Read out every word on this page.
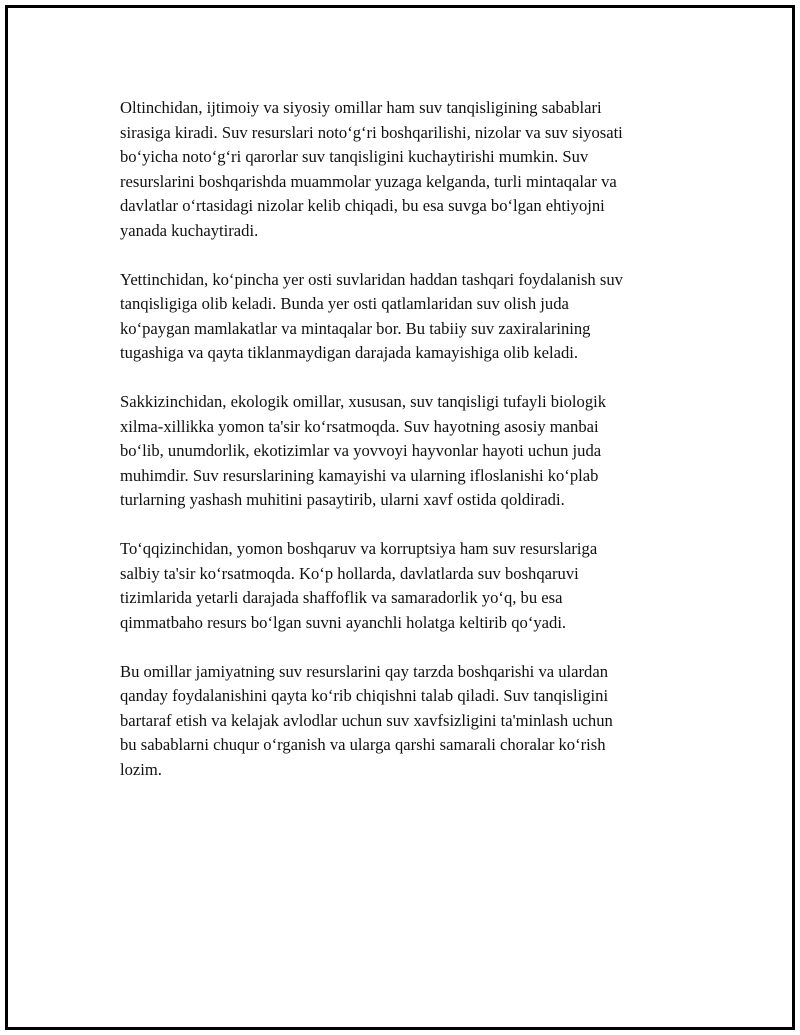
Oltinchidan, ijtimoiy va siyosiy omillar ham suv tanqisligining sabablari
sirasiga kiradi. Suv resurslari noto‘g‘ri boshqarilishi, nizolar va suv siyosati
bo‘yicha noto‘g‘ri qarorlar suv tanqisligini kuchaytirishi mumkin. Suv
resurslarini boshqarishda muammolar yuzaga kelganda, turli mintaqalar va
davlatlar o‘rtasidagi nizolar kelib chiqadi, bu esa suvga bo‘lgan ehtiyojni
yanada kuchaytiradi.

Yettinchidan, ko‘pincha yer osti suvlaridan haddan tashqari foydalanish suv
tanqisligiga olib keladi. Bunda yer osti qatlamlaridan suv olish juda
ko‘paygan mamlakatlar va mintaqalar bor. Bu tabiiy suv zaxiralarining
tugashiga va qayta tiklanmaydigan darajada kamayishiga olib keladi.

Sakkizinchidan, ekologik omillar, xususan, suv tanqisligi tufayli biologik
xilma-xillikka yomon ta'sir ko‘rsatmoqda. Suv hayotning asosiy manbai
bo‘lib, unumdorlik, ekotizimlar va yovvoyi hayvonlar hayoti uchun juda
muhimdir. Suv resurslarining kamayishi va ularning ifloslanishi ko‘plab
turlarning yashash muhitini pasaytirib, ularni xavf ostida qoldiradi.

To‘qqizinchidan, yomon boshqaruv va korruptsiya ham suv resurslariga
salbiy ta'sir ko‘rsatmoqda. Ko‘p hollarda, davlatlarda suv boshqaruvi
tizimlarida yetarli darajada shaffoflik va samaradorlik yo‘q, bu esa
qimmatbaho resurs bo‘lgan suvni ayanchli holatga keltirib qo‘yadi.

Bu omillar jamiyatning suv resurslarini qay tarzda boshqarishi va ulardan
qanday foydalanishini qayta ko‘rib chiqishni talab qiladi. Suv tanqisligini
bartaraf etish va kelajak avlodlar uchun suv xavfsizligini ta'minlash uchun
bu sabablarni chuqur o‘rganish va ularga qarshi samarali choralar ko‘rish
lozim.
